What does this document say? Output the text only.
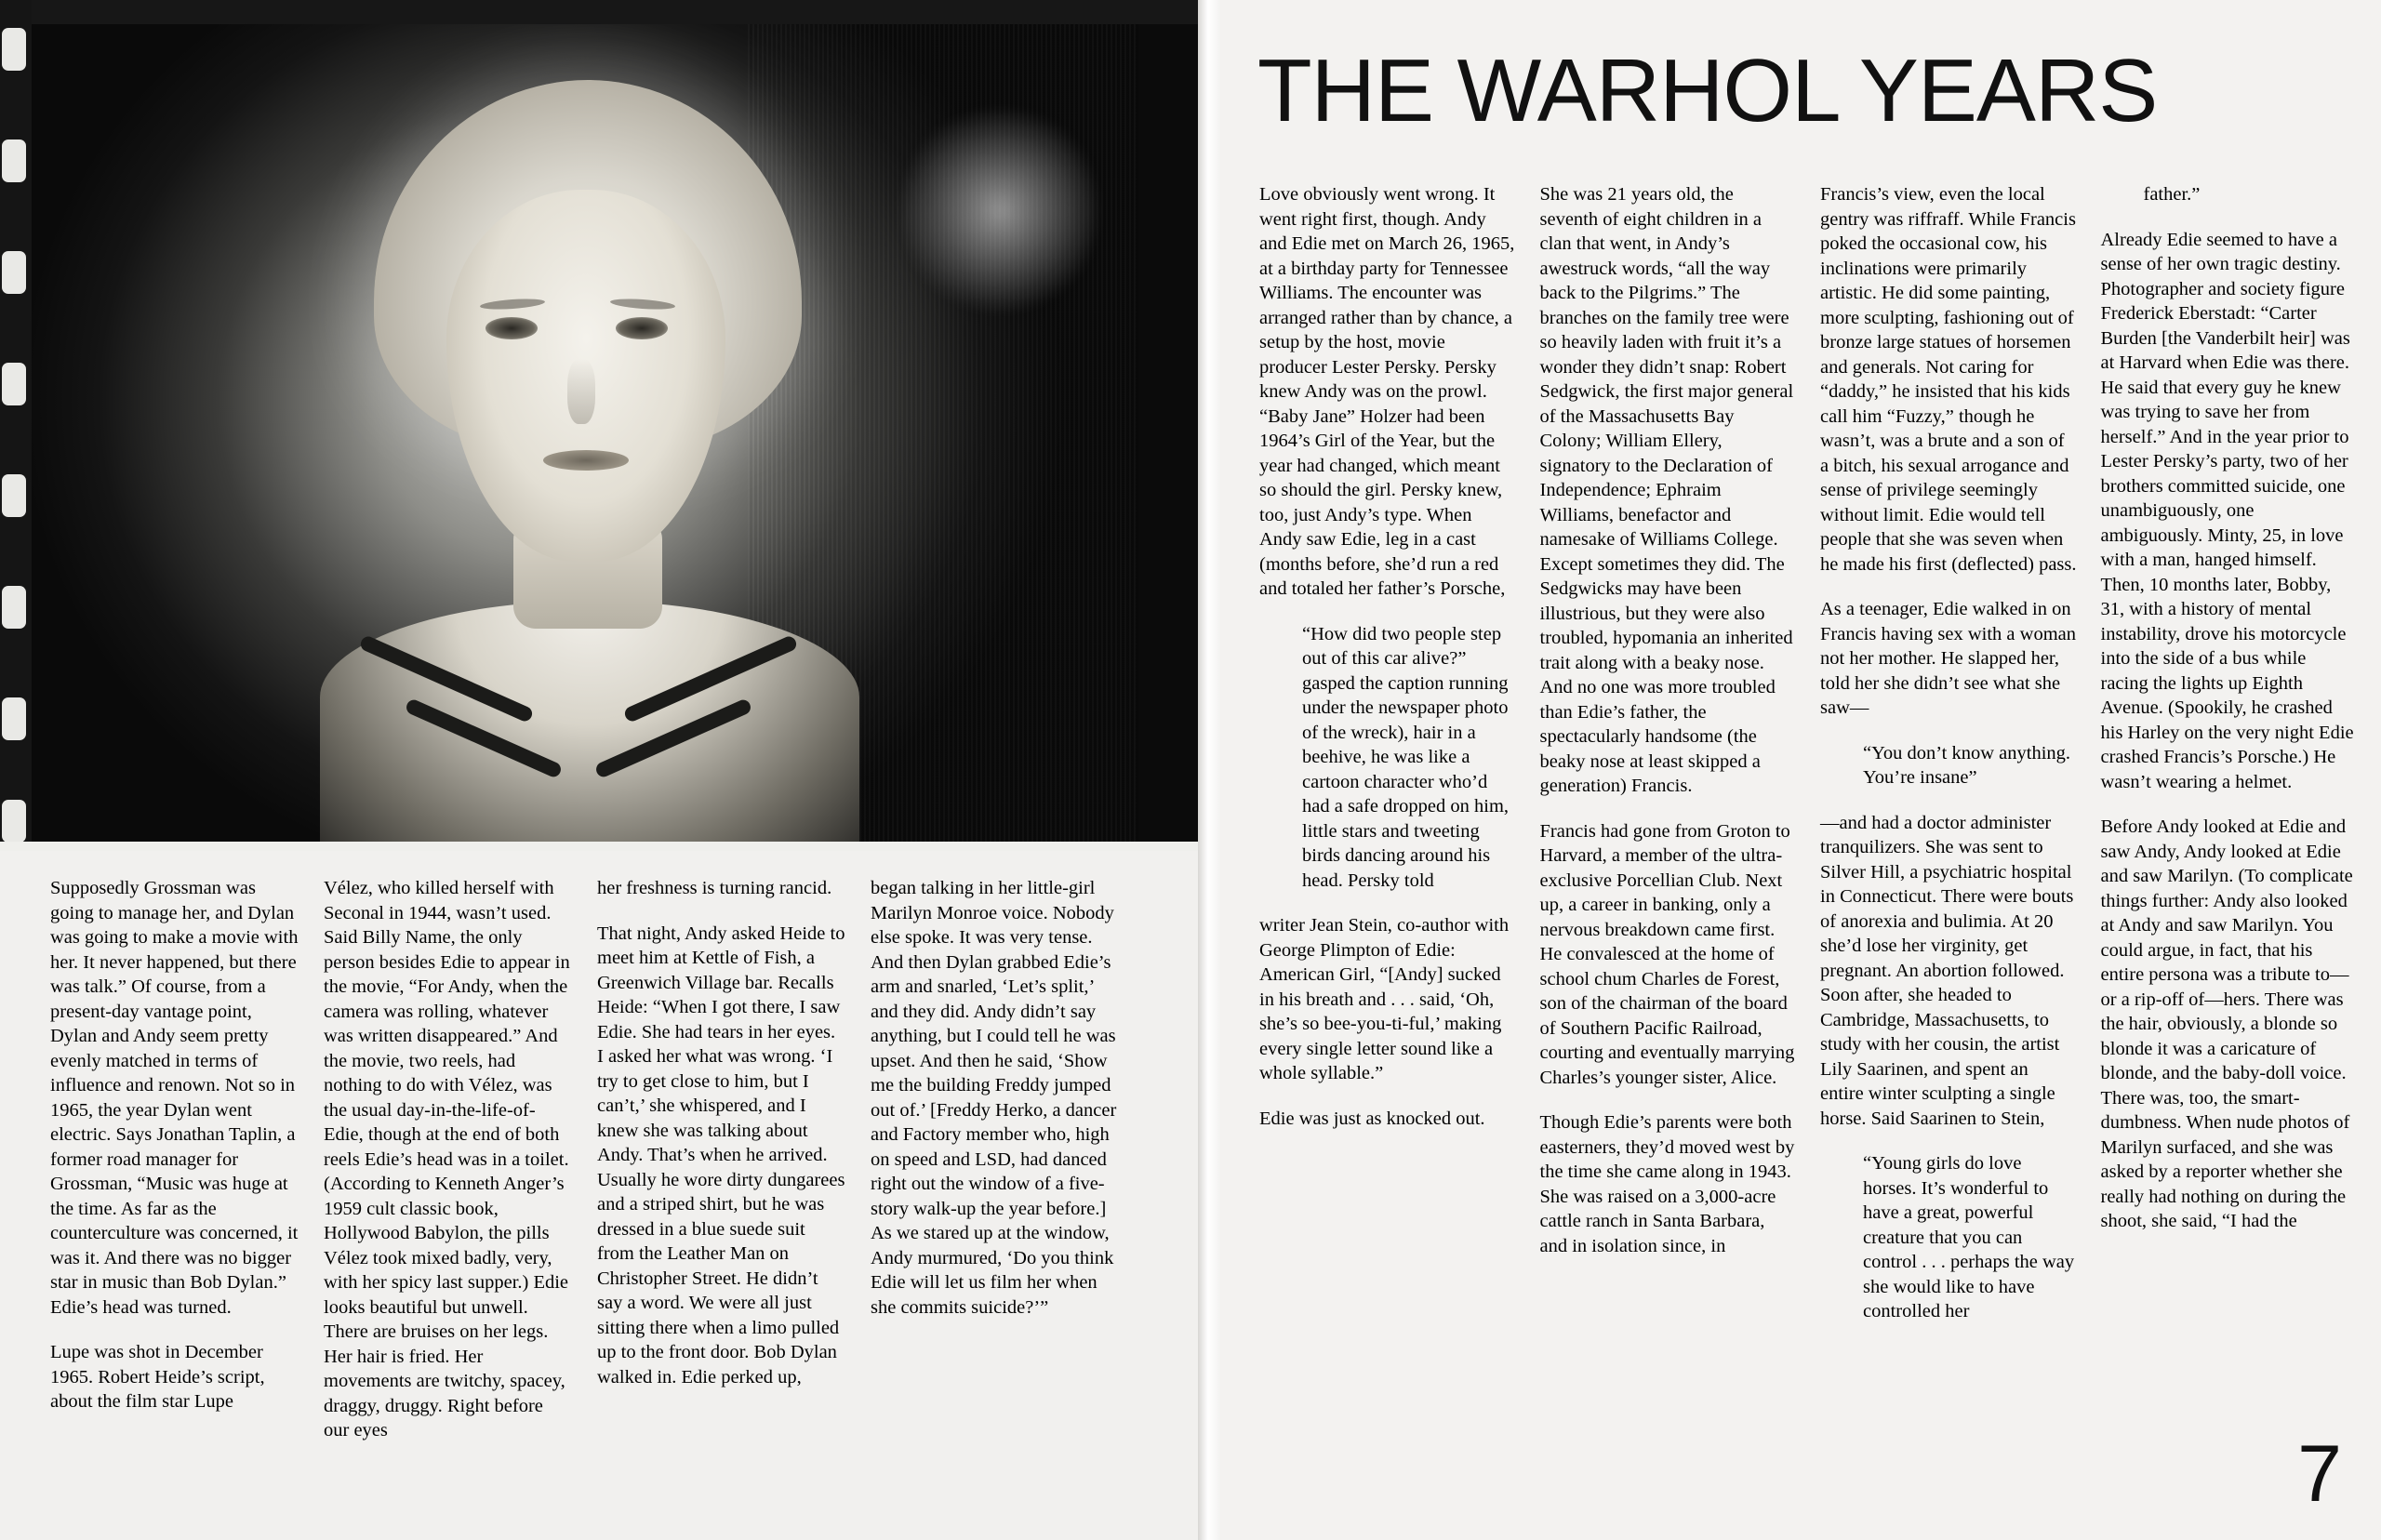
Supposedly Grossman was going to manage her, and Dylan was going to make a movie with her. It never happened, but there was talk.” Of course, from a present-day vantage point, Dylan and Andy seem pretty evenly matched in terms of influence and renown. Not so in 1965, the year Dylan went electric. Says Jonathan Taplin, a former road manager for Grossman, “Music was huge at the time. As far as the counterculture was concerned, it was it. And there was no bigger star in music than Bob Dylan.” Edie’s head was turned.

Lupe was shot in December 1965. Robert Heide’s script, about the film star Lupe

Vélez, who killed herself with Seconal in 1944, wasn’t used. Said Billy Name, the only person besides Edie to appear in the movie, “For Andy, when the camera was rolling, whatever was written disappeared.” And the movie, two reels, had nothing to do with Vélez, was the usual day-in-the-life-of-Edie, though at the end of both reels Edie’s head was in a toilet. (According to Kenneth Anger’s 1959 cult classic book, Hollywood Babylon, the pills Vélez took mixed badly, very, with her spicy last supper.) Edie looks beautiful but unwell. There are bruises on her legs. Her hair is fried. Her movements are twitchy, spacey, draggy, druggy. Right before our eyes

her freshness is turning rancid.

That night, Andy asked Heide to meet him at Kettle of Fish, a Greenwich Village bar. Recalls Heide: “When I got there, I saw Edie. She had tears in her eyes. I asked her what was wrong. ‘I try to get close to him, but I can’t,’ she whispered, and I knew she was talking about Andy. That’s when he arrived. Usually he wore dirty dungarees and a striped shirt, but he was dressed in a blue suede suit from the Leather Man on Christopher Street. He didn’t say a word. We were all just sitting there when a limo pulled up to the front door. Bob Dylan walked in. Edie perked up,

began talking in her little-girl Marilyn Monroe voice. Nobody else spoke. It was very tense. And then Dylan grabbed Edie’s arm and snarled, ‘Let’s split,’ and they did. Andy didn’t say anything, but I could tell he was upset. And then he said, ‘Show me the building Freddy jumped out of.’ [Freddy Herko, a dancer and Factory member who, high on speed and LSD, had danced right out the window of a five-story walk-up the year before.] As we stared up at the window, Andy murmured, ‘Do you think Edie will let us film her when she commits suicide?’”

THE WARHOL YEARS

Love obviously went wrong. It went right first, though. Andy and Edie met on March 26, 1965, at a birthday party for Tennessee Williams. The encounter was arranged rather than by chance, a setup by the host, movie producer Lester Persky. Persky knew Andy was on the prowl. “Baby Jane” Holzer had been 1964’s Girl of the Year, but the year had changed, which meant so should the girl. Persky knew, too, just Andy’s type. When Andy saw Edie, leg in a cast (months before, she’d run a red and totaled her father’s Porsche,

“How did two people step out of this car alive?” gasped the caption running under the newspaper photo of the wreck), hair in a beehive, he was like a cartoon character who’d had a safe dropped on him, little stars and tweeting birds dancing around his head. Persky told

writer Jean Stein, co-author with George Plimpton of Edie: American Girl, “[Andy] sucked in his breath and . . . said, ‘Oh, she’s so bee-you-ti-ful,’ making every single letter sound like a whole syllable.”

Edie was just as knocked out.

She was 21 years old, the seventh of eight children in a clan that went, in Andy’s awestruck words, “all the way back to the Pilgrims.” The branches on the family tree were so heavily laden with fruit it’s a wonder they didn’t snap: Robert Sedgwick, the first major general of the Massachusetts Bay Colony; William Ellery, signatory to the Declaration of Independence; Ephraim Williams, benefactor and namesake of Williams College. Except sometimes they did. The Sedgwicks may have been illustrious, but they were also troubled, hypomania an inherited trait along with a beaky nose. And no one was more troubled than Edie’s father, the spectacularly handsome (the beaky nose at least skipped a generation) Francis.

Francis had gone from Groton to Harvard, a member of the ultra-exclusive Porcellian Club. Next up, a career in banking, only a nervous breakdown came first. He convalesced at the home of school chum Charles de Forest, son of the chairman of the board of Southern Pacific Railroad, courting and eventually marrying Charles’s younger sister, Alice.

Though Edie’s parents were both easterners, they’d moved west by the time she came along in 1943. She was raised on a 3,000-acre cattle ranch in Santa Barbara, and in isolation since, in

Francis’s view, even the local gentry was riffraff. While Francis poked the occasional cow, his inclinations were primarily artistic. He did some painting, more sculpting, fashioning out of bronze large statues of horsemen and generals. Not caring for “daddy,” he insisted that his kids call him “Fuzzy,” though he wasn’t, was a brute and a son of a bitch, his sexual arrogance and sense of privilege seemingly without limit. Edie would tell people that she was seven when he made his first (deflected) pass.

As a teenager, Edie walked in on Francis having sex with a woman not her mother. He slapped her, told her she didn’t see what she saw—

“You don’t know anything. You’re insane”

—and had a doctor administer tranquilizers. She was sent to Silver Hill, a psychiatric hospital in Connecticut. There were bouts of anorexia and bulimia. At 20 she’d lose her virginity, get pregnant. An abortion followed. Soon after, she headed to Cambridge, Massachusetts, to study with her cousin, the artist Lily Saarinen, and spent an entire winter sculpting a single horse. Said Saarinen to Stein,

“Young girls do love horses. It’s wonderful to have a great, powerful creature that you can control . . . perhaps the way she would like to have controlled her

father.”

Already Edie seemed to have a sense of her own tragic destiny. Photographer and society figure Frederick Eberstadt: “Carter Burden [the Vanderbilt heir] was at Harvard when Edie was there. He said that every guy he knew was trying to save her from herself.” And in the year prior to Lester Persky’s party, two of her brothers committed suicide, one unambiguously, one ambiguously. Minty, 25, in love with a man, hanged himself. Then, 10 months later, Bobby, 31, with a history of mental instability, drove his motorcycle into the side of a bus while racing the lights up Eighth Avenue. (Spookily, he crashed his Harley on the very night Edie crashed Francis’s Porsche.) He wasn’t wearing a helmet.

Before Andy looked at Edie and saw Andy, Andy looked at Edie and saw Marilyn. (To complicate things further: Andy also looked at Andy and saw Marilyn. You could argue, in fact, that his entire persona was a tribute to—or a rip-off of—hers. There was the hair, obviously, a blonde so blonde it was a caricature of blonde, and the baby-doll voice. There was, too, the smart-dumbness. When nude photos of Marilyn surfaced, and she was asked by a reporter whether she really had nothing on during the shoot, she said, “I had the

7
